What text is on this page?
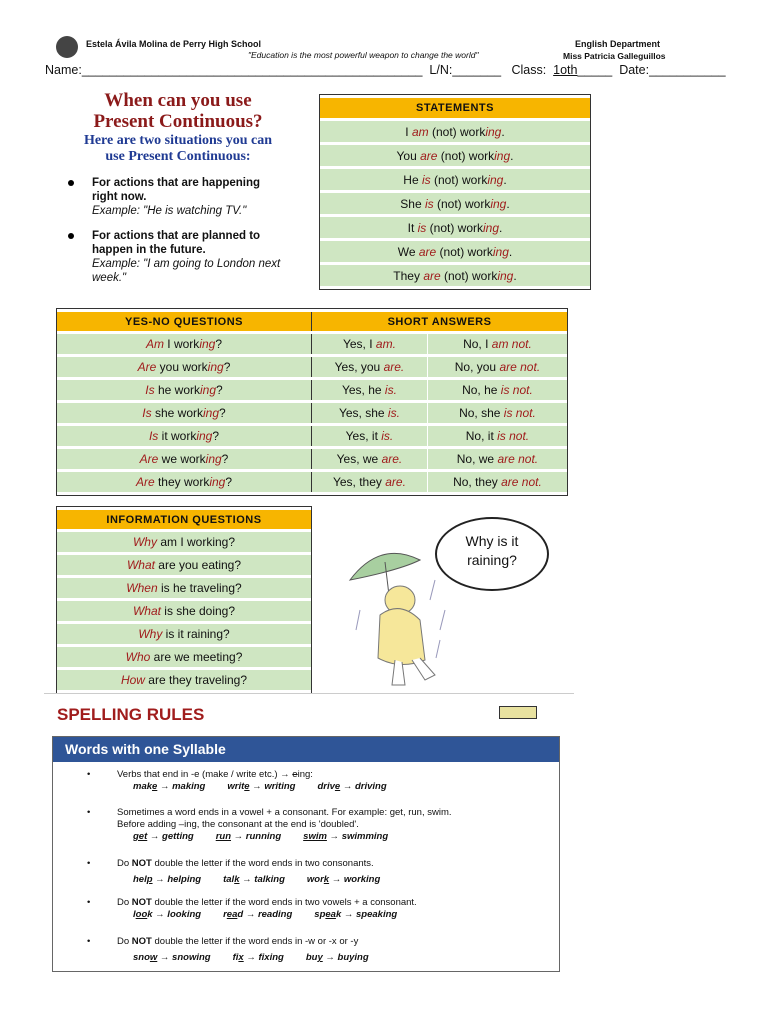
Estela Ávila Molina de Perry High School
"Education is the most powerful weapon to change the world"
English Department
Miss Patricia Galleguillos
Name:_________________________________________________  L/N:_______   Class: 1oth_____  Date:___________
When can you use
Present Continuous?
Here are two situations you can
use Present Continuous:
For actions that are happening right now.
Example: "He is watching TV."
For actions that are planned to happen in the future.
Example: "I am going to London next week."
STATEMENTS
I am (not) working.
You are (not) working.
He is (not) working.
She is (not) working.
It is (not) working.
We are (not) working.
They are (not) working.
YES-NO QUESTIONS	SHORT ANSWERS	
Am I working?	Yes, I am.	No, I am not.
Are you working?	Yes, you are.	No, you are not.
Is he working?	Yes, he is.	No, he is not.
Is she working?	Yes, she is.	No, she is not.
Is it working?	Yes, it is.	No, it is not.
Are we working?	Yes, we are.	No, we are not.
Are they working?	Yes, they are.	No, they are not.
INFORMATION QUESTIONS
Why am I working?
What are you eating?
When is he traveling?
What is she doing?
Why is it raining?
Who are we meeting?
How are they traveling?
Why is it
raining?
SPELLING RULES
Words with one Syllable
•	Verbs that end in -e (make / write etc.) → eing:
make → making write → writing drive → driving
•	Sometimes a word ends in a vowel + a consonant. For example: get, run, swim.
Before adding –ing, the consonant at the end is 'doubled'.
get → getting run → running swim → swimming
•	Do NOT double the letter if the word ends in two consonants.
help → helping talk → talking work → working
•	Do NOT double the letter if the word ends in two vowels + a consonant.
look → looking read → reading speak → speaking
•	Do NOT double the letter if the word ends in -w or -x or -y
snow → snowing fix → fixing buy → buying
